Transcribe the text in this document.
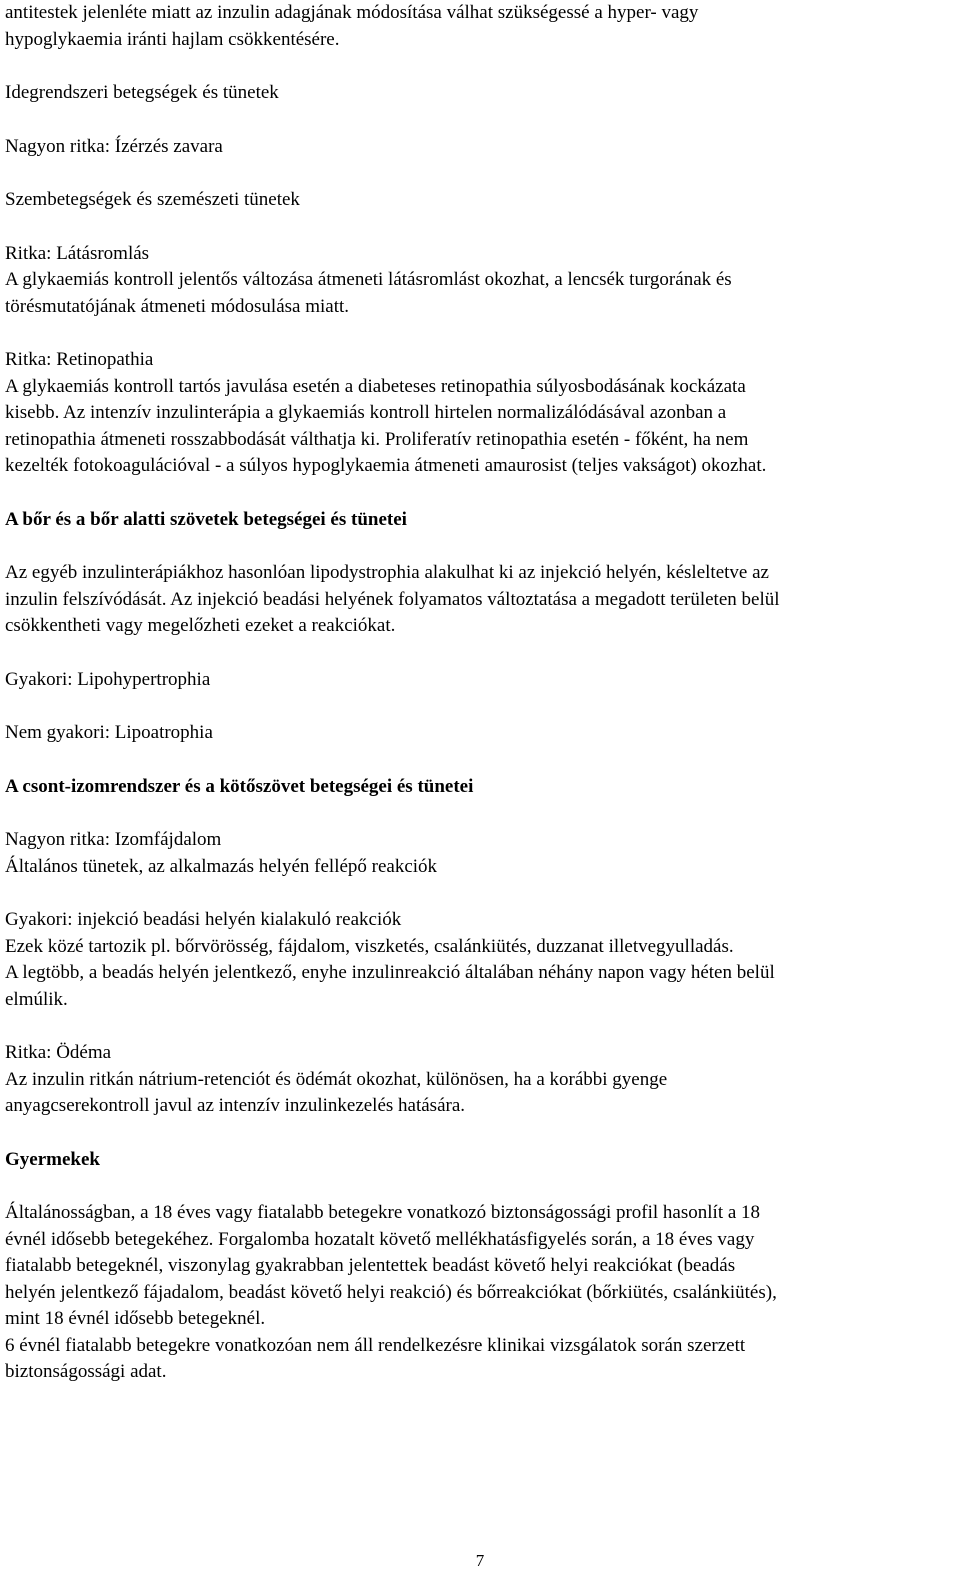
antitestek jelenléte miatt az inzulin adagjának módosítása válhat szükségessé a hyper- vagy
hypoglykaemia iránti hajlam csökkentésére.
Idegrendszeri betegségek és tünetek
Nagyon ritka: Ízérzés zavara
Szembetegségek és szemészeti tünetek
Ritka: Látásromlás
A glykaemiás kontroll jelentős változása átmeneti látásromlást okozhat, a lencsék turgorának és
törésmutatójának átmeneti módosulása miatt.
Ritka: Retinopathia
A glykaemiás kontroll tartós javulása esetén a diabeteses retinopathia súlyosbodásának kockázata
kisebb. Az intenzív inzulinterápia a glykaemiás kontroll hirtelen normalizálódásával azonban a
retinopathia átmeneti rosszabbodását válthatja ki. Proliferatív retinopathia esetén - főként, ha nem
kezelték fotokoagulációval - a súlyos hypoglykaemia átmeneti amaurosist (teljes vakságot) okozhat.
A bőr és a bőr alatti szövetek betegségei és tünetei
Az egyéb inzulinterápiákhoz hasonlóan lipodystrophia alakulhat ki az injekció helyén, késleltetve az
inzulin felszívódását. Az injekció beadási helyének folyamatos változtatása a megadott területen belül
csökkentheti vagy megelőzheti ezeket a reakciókat.
Gyakori: Lipohypertrophia
Nem gyakori: Lipoatrophia
A csont-izomrendszer és a kötőszövet betegségei és tünetei
Nagyon ritka: Izomfájdalom
Általános tünetek, az alkalmazás helyén fellépő reakciók
Gyakori: injekció beadási helyén kialakuló reakciók
Ezek közé tartozik pl. bőrvörösség, fájdalom, viszketés, csalánkiütés, duzzanat illetvegyulladás.
A legtöbb, a beadás helyén jelentkező, enyhe inzulinreakció általában néhány napon vagy héten belül
elmúlik.
Ritka: Ödéma
Az inzulin ritkán nátrium-retenciót és ödémát okozhat, különösen, ha a korábbi gyenge
anyagcserekontroll javul az intenzív inzulinkezelés hatására.
Gyermekek
Általánosságban, a 18 éves vagy fiatalabb betegekre vonatkozó biztonságossági profil hasonlít a 18
évnél idősebb betegekéhez. Forgalomba hozatalt követő mellékhatásfigyelés során, a 18 éves vagy
fiatalabb betegeknél, viszonylag gyakrabban jelentettek beadást követő helyi reakciókat (beadás
helyén jelentkező fájadalom, beadást követő helyi reakció) és bőrreakciókat (bőrkiütés, csalánkiütés),
mint 18 évnél idősebb betegeknél.
6 évnél fiatalabb betegekre vonatkozóan nem áll rendelkezésre klinikai vizsgálatok során szerzett
biztonságossági adat.
7
